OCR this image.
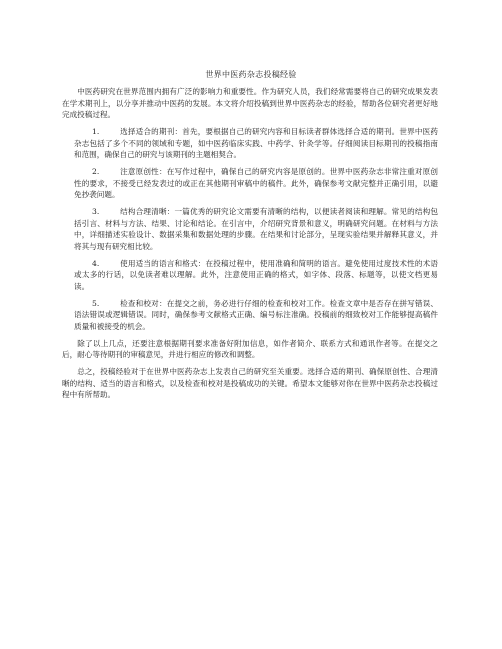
世界中医药杂志投稿经验

中医药研究在世界范围内拥有广泛的影响力和重要性。作为研究人员，我们经常需要将自己的研究成果发表在学术期刊上，以分享并推动中医药的发展。本文将介绍投稿到世界中医药杂志的经验，帮助各位研究者更好地完成投稿过程。

1.	选择适合的期刊：首先，要根据自己的研究内容和目标读者群体选择合适的期刊。世界中医药杂志包括了多个不同的领域和专题，如中医药临床实践、中药学、针灸学等。仔细阅读目标期刊的投稿指南和范围，确保自己的研究与该期刊的主题相契合。

2.	注意原创性：在写作过程中，确保自己的研究内容是原创的。世界中医药杂志非常注重对原创性的要求，不接受已经发表过的或正在其他期刊审稿中的稿件。此外，确保参考文献完整并正确引用，以避免抄袭问题。

3.	结构合理清晰：一篇优秀的研究论文需要有清晰的结构，以便读者阅读和理解。常见的结构包括引言、材料与方法、结果、讨论和结论。在引言中，介绍研究背景和意义，明确研究问题。在材料与方法中，详细描述实验设计、数据采集和数据处理的步骤。在结果和讨论部分，呈现实验结果并解释其意义，并将其与现有研究相比较。

4.	使用适当的语言和格式：在投稿过程中，使用准确和简明的语言。避免使用过度技术性的术语或太多的行话，以免读者难以理解。此外，注意使用正确的格式，如字体、段落、标题等，以使文档更易读。

5.	检查和校对：在提交之前，务必进行仔细的检查和校对工作。检查文章中是否存在拼写错误、语法错误或逻辑错误。同时，确保参考文献格式正确、编号标注准确。投稿前的细致校对工作能够提高稿件质量和被接受的机会。

除了以上几点，还要注意根据期刊要求准备好附加信息，如作者简介、联系方式和通讯作者等。在提交之后，耐心等待期刊的审稿意见，并进行相应的修改和调整。

总之，投稿经验对于在世界中医药杂志上发表自己的研究至关重要。选择合适的期刊、确保原创性、合理清晰的结构、适当的语言和格式，以及检查和校对是投稿成功的关键。希望本文能够对你在世界中医药杂志投稿过程中有所帮助。
